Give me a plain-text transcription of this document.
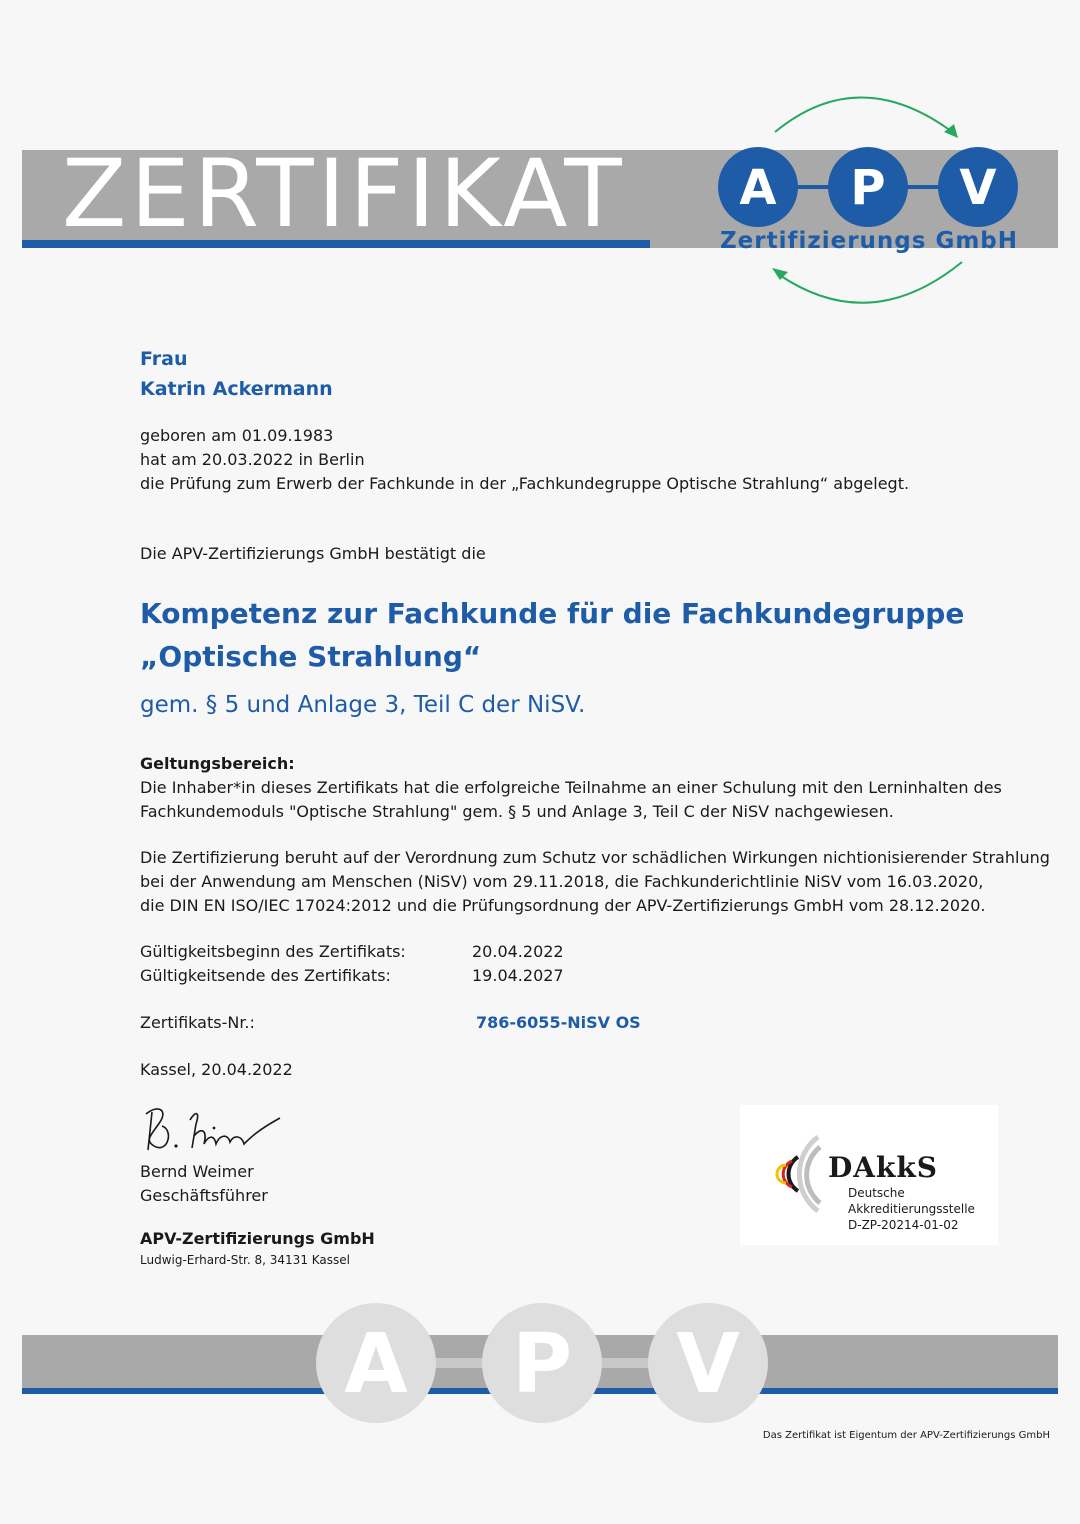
ZERTIFIKAT A P V
Zertifizierungs GmbH
Frau
Katrin Ackermann
geboren am 01.09.1983
hat am 20.03.2022 in Berlin
die Prüfung zum Erwerb der Fachkunde in der „Fachkundegruppe Optische Strahlung“ abgelegt.
Die APV-Zertifizierungs GmbH bestätigt die
Kompetenz zur Fachkunde für die Fachkundegruppe
„Optische Strahlung“
gem. § 5 und Anlage 3, Teil C der NiSV.
Geltungsbereich:
Die Inhaber*in dieses Zertifikats hat die erfolgreiche Teilnahme an einer Schulung mit den Lerninhalten des
Fachkundemoduls "Optische Strahlung" gem. § 5 und Anlage 3, Teil C der NiSV nachgewiesen.
Die Zertifizierung beruht auf der Verordnung zum Schutz vor schädlichen Wirkungen nichtionisierender Strahlung
bei der Anwendung am Menschen (NiSV) vom 29.11.2018, die Fachkunderichtlinie NiSV vom 16.03.2020,
die DIN EN ISO/IEC 17024:2012 und die Prüfungsordnung der APV-Zertifizierungs GmbH vom 28.12.2020.
Gültigkeitsbeginn des Zertifikats:	20.04.2022
Gültigkeitsende des Zertifikats:	19.04.2027
Zertifikats-Nr.:	786-6055-NiSV OS
Kassel, 20.04.2022
Bernd Weimer
Geschäftsführer
APV-Zertifizierungs GmbH
Ludwig-Erhard-Str. 8, 34131 Kassel
DAkkS
Deutsche
Akkreditierungsstelle
D-ZP-20214-01-02
A P V
Das Zertifikat ist Eigentum der APV-Zertifizierungs GmbH
